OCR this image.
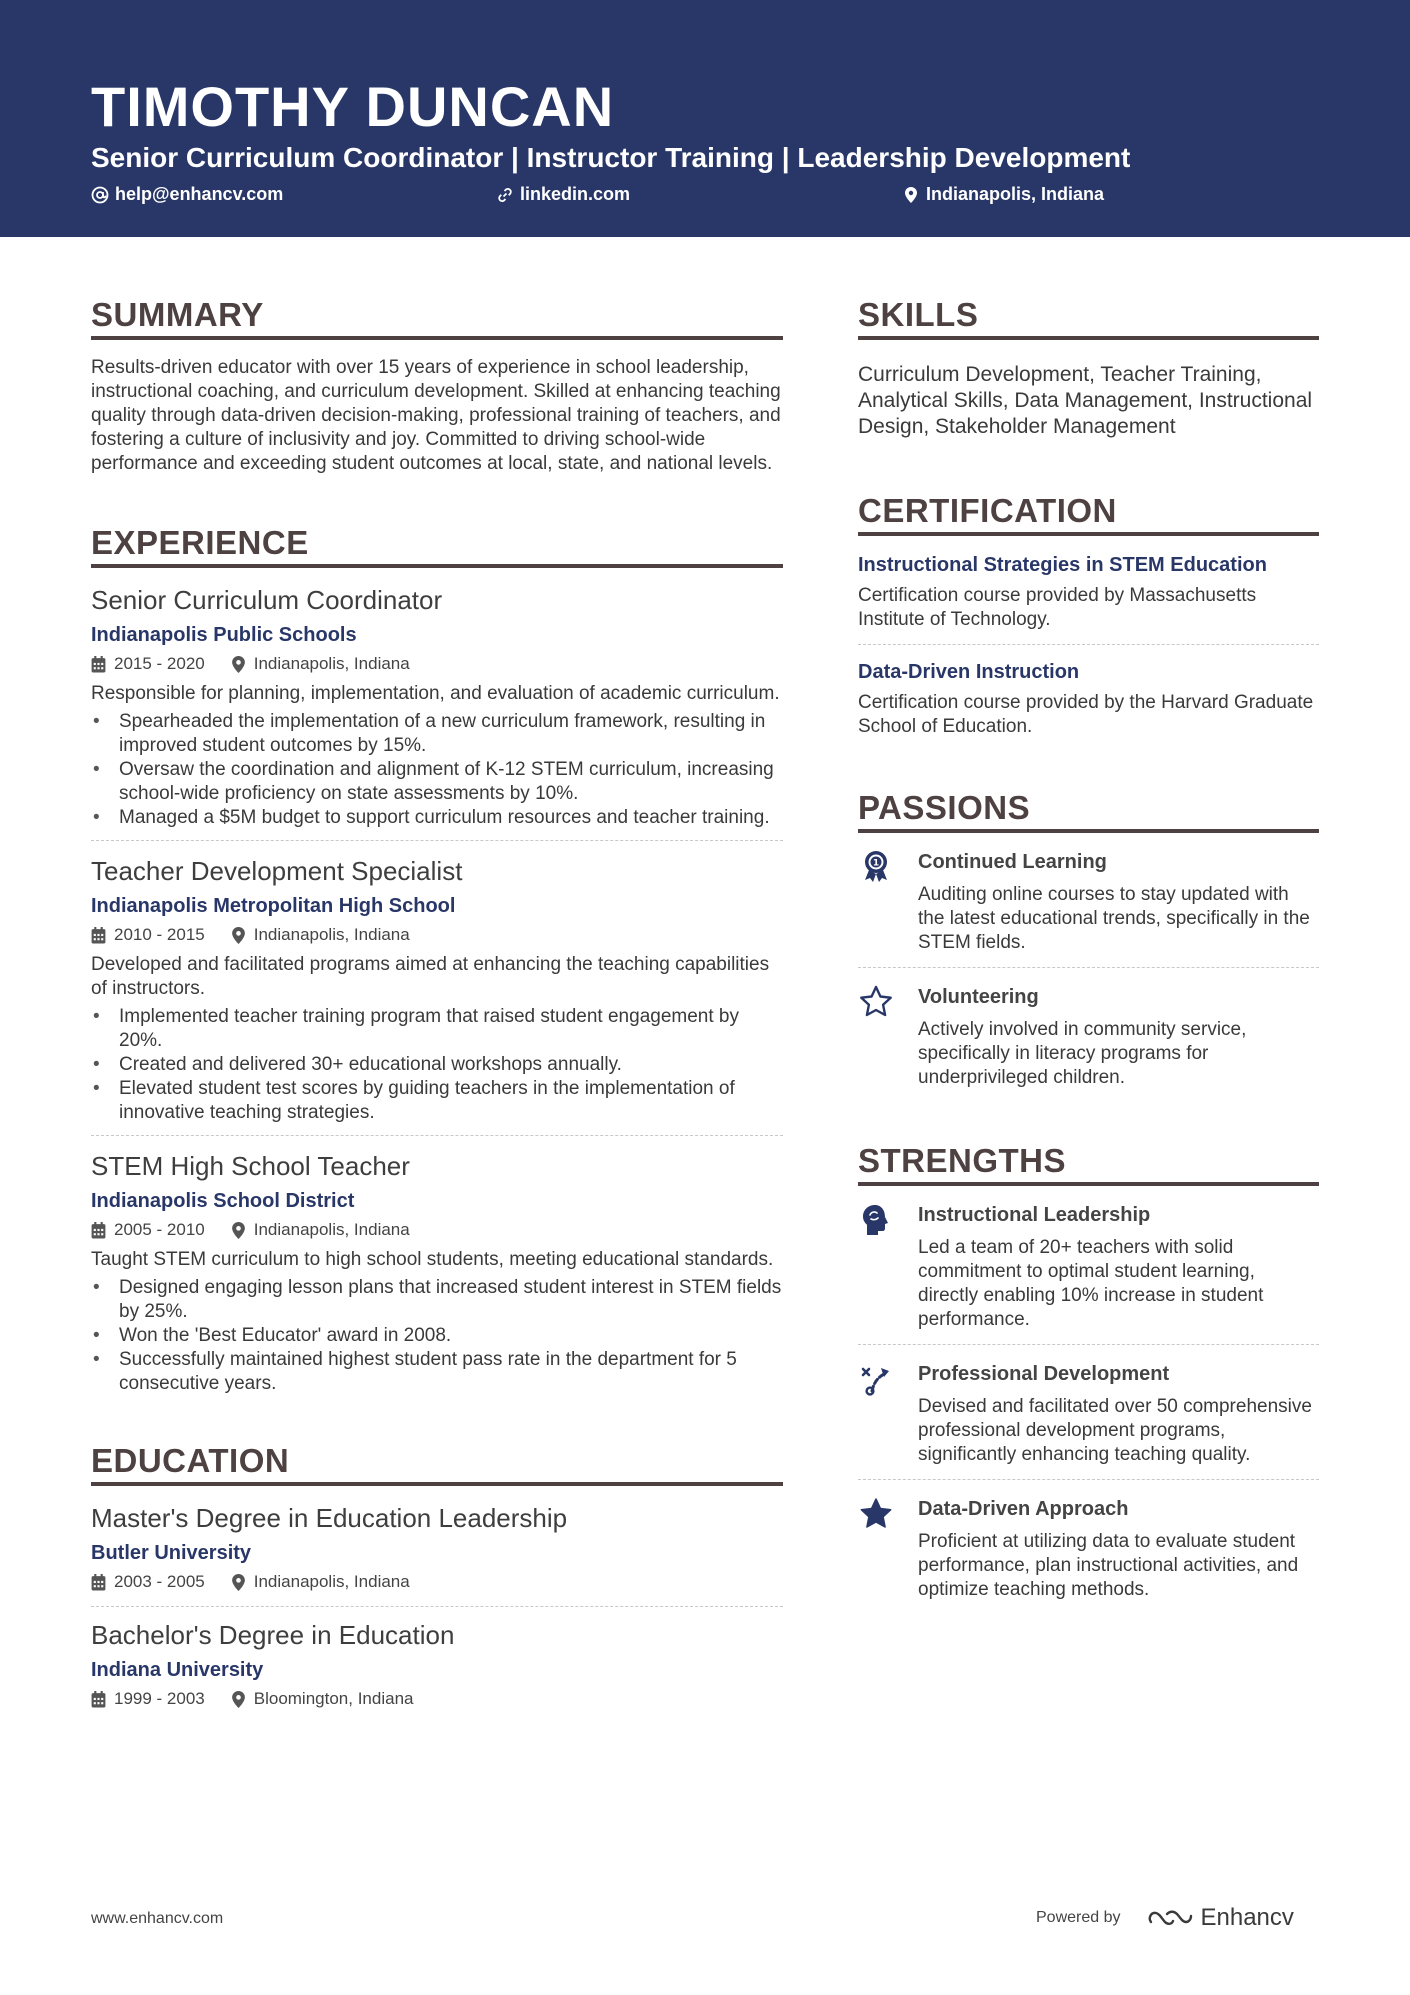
TIMOTHY DUNCAN
Senior Curriculum Coordinator | Instructor Training | Leadership Development
help@enhancv.com	linkedin.com	Indianapolis, Indiana
SUMMARY

Results-driven educator with over 15 years of experience in school leadership, instructional coaching, and curriculum development. Skilled at enhancing teaching quality through data-driven decision-making, professional training of teachers, and fostering a culture of inclusivity and joy. Committed to driving school-wide performance and exceeding student outcomes at local, state, and national levels.

EXPERIENCE
Senior Curriculum Coordinator
Indianapolis Public Schools
2015 - 2020	Indianapolis, Indiana

Responsible for planning, implementation, and evaluation of academic curriculum.

• Spearheaded the implementation of a new curriculum framework, resulting in improved student outcomes by 15%.
• Oversaw the coordination and alignment of K-12 STEM curriculum, increasing school-wide proficiency on state assessments by 10%.
• Managed a $5M budget to support curriculum resources and teacher training.
Teacher Development Specialist
Indianapolis Metropolitan High School
2010 - 2015	Indianapolis, Indiana

Developed and facilitated programs aimed at enhancing the teaching capabilities of instructors.

• Implemented teacher training program that raised student engagement by 20%.
• Created and delivered 30+ educational workshops annually.
• Elevated student test scores by guiding teachers in the implementation of innovative teaching strategies.
STEM High School Teacher
Indianapolis School District
2005 - 2010	Indianapolis, Indiana

Taught STEM curriculum to high school students, meeting educational standards.

• Designed engaging lesson plans that increased student interest in STEM fields by 25%.
• Won the 'Best Educator' award in 2008.
• Successfully maintained highest student pass rate in the department for 5 consecutive years.
EDUCATION
Master's Degree in Education Leadership
Butler University
2003 - 2005	Indianapolis, Indiana
Bachelor's Degree in Education
Indiana University
1999 - 2003	Bloomington, Indiana
SKILLS

Curriculum Development, Teacher Training, Analytical Skills, Data Management, Instructional Design, Stakeholder Management

CERTIFICATION
Instructional Strategies in STEM Education

Certification course provided by Massachusetts Institute of Technology.

Data-Driven Instruction

Certification course provided by the Harvard Graduate School of Education.

PASSIONS
1 Continued Learning

Auditing online courses to stay updated with the latest educational trends, specifically in the STEM fields.

Volunteering

Actively involved in community service, specifically in literacy programs for underprivileged children.

STRENGTHS
Instructional Leadership

Led a team of 20+ teachers with solid commitment to optimal student learning, directly enabling 10% increase in student performance.

Professional Development

Devised and facilitated over 50 comprehensive professional development programs, significantly enhancing teaching quality.

Data-Driven Approach

Proficient at utilizing data to evaluate student performance, plan instructional activities, and optimize teaching methods.

www.enhancv.com	Powered by	Enhancv
